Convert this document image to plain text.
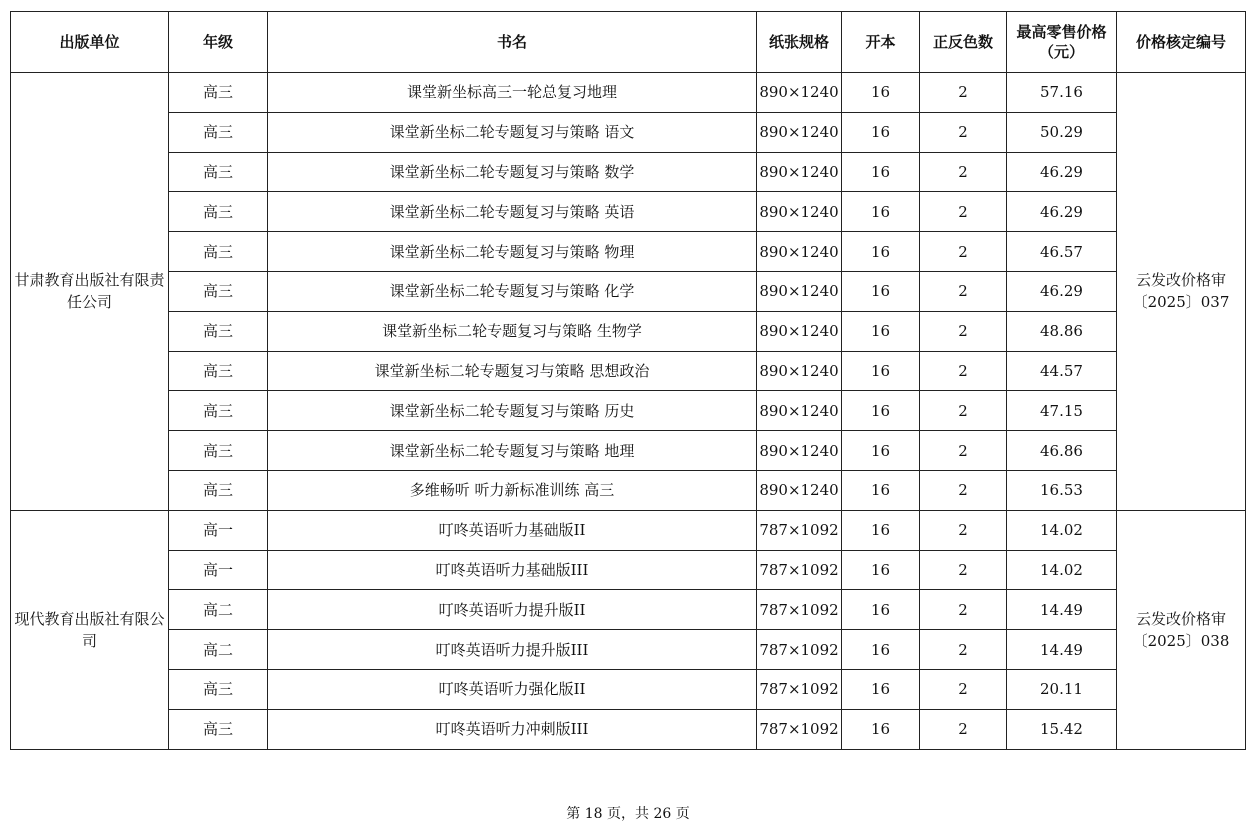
出版单位	年级	书名	纸张规格	开本	正反色数	最高零售价格（元）	价格核定编号
甘肃教育出版社有限责任公司	高三	课堂新坐标高三一轮总复习地理	890×1240	16	2	57.16	云发改价格审〔2025〕037
	高三	课堂新坐标二轮专题复习与策略 语文	890×1240	16	2	50.29	
	高三	课堂新坐标二轮专题复习与策略 数学	890×1240	16	2	46.29	
	高三	课堂新坐标二轮专题复习与策略 英语	890×1240	16	2	46.29	
	高三	课堂新坐标二轮专题复习与策略 物理	890×1240	16	2	46.57	
	高三	课堂新坐标二轮专题复习与策略 化学	890×1240	16	2	46.29	
	高三	课堂新坐标二轮专题复习与策略 生物学	890×1240	16	2	48.86	
	高三	课堂新坐标二轮专题复习与策略 思想政治	890×1240	16	2	44.57	
	高三	课堂新坐标二轮专题复习与策略 历史	890×1240	16	2	47.15	
	高三	课堂新坐标二轮专题复习与策略 地理	890×1240	16	2	46.86	
	高三	多维畅听 听力新标准训练 高三	890×1240	16	2	16.53	
现代教育出版社有限公司	高一	叮咚英语听力基础版II	787×1092	16	2	14.02	云发改价格审〔2025〕038
	高一	叮咚英语听力基础版III	787×1092	16	2	14.02	
	高二	叮咚英语听力提升版II	787×1092	16	2	14.49	
	高二	叮咚英语听力提升版III	787×1092	16	2	14.49	
	高三	叮咚英语听力强化版II	787×1092	16	2	20.11	
	高三	叮咚英语听力冲刺版III	787×1092	16	2	15.42	
第 18 页，共 26 页
